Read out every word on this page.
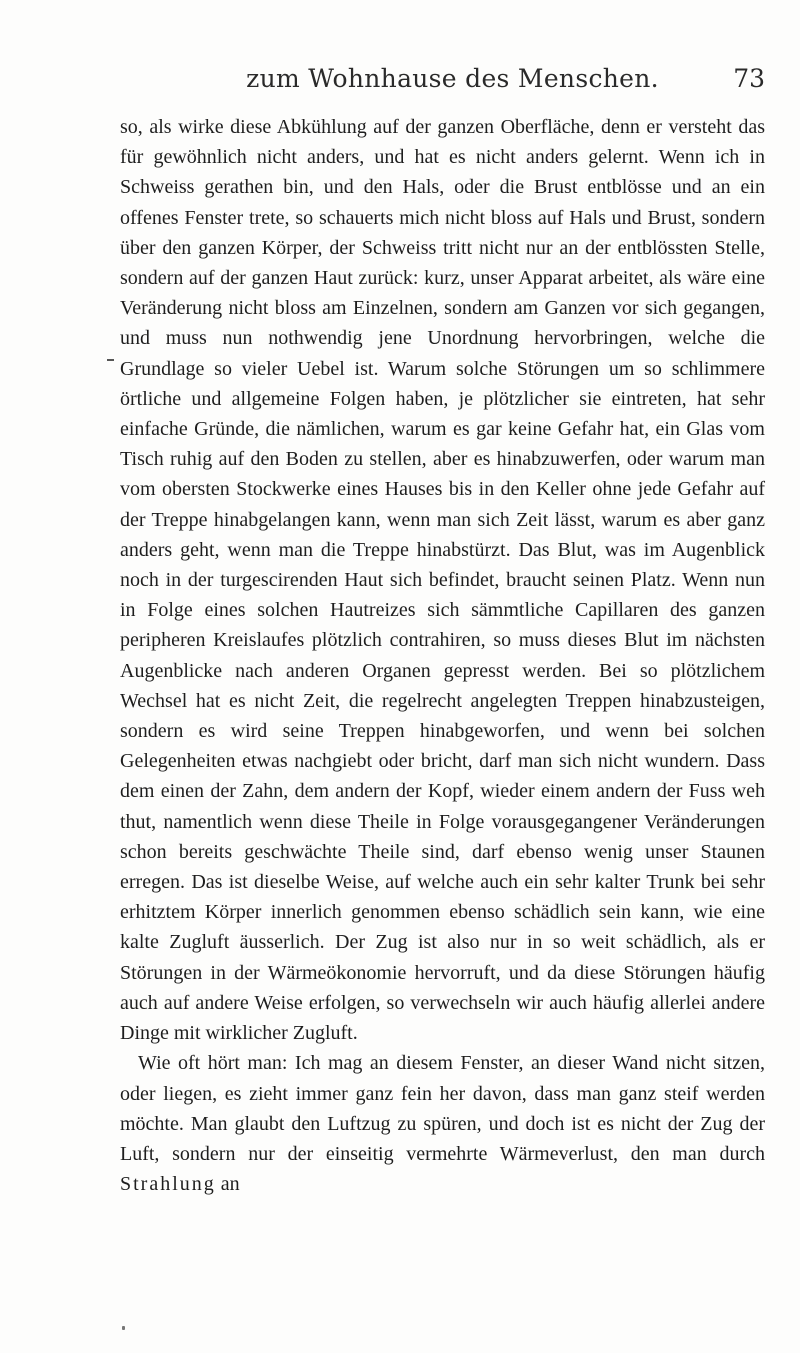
zum Wohnhause des Menschen.	73

so, als wirke diese Abkühlung auf der ganzen Oberfläche, denn er versteht das für gewöhnlich nicht anders, und hat es nicht anders gelernt. Wenn ich in Schweiss gerathen bin, und den Hals, oder die Brust entblösse und an ein offenes Fenster trete, so schauerts mich nicht bloss auf Hals und Brust, sondern über den ganzen Körper, der Schweiss tritt nicht nur an der entblössten Stelle, sondern auf der ganzen Haut zurück: kurz, unser Apparat arbeitet, als wäre eine Veränderung nicht bloss am Einzelnen, sondern am Ganzen vor sich gegangen, und muss nun nothwendig jene Unordnung hervorbringen, welche die Grundlage so vieler Uebel ist. Warum solche Störungen um so schlimmere örtliche und allgemeine Folgen haben, je plötzlicher sie eintreten, hat sehr einfache Gründe, die nämlichen, warum es gar keine Gefahr hat, ein Glas vom Tisch ruhig auf den Boden zu stellen, aber es hinabzuwerfen, oder warum man vom obersten Stockwerke eines Hauses bis in den Keller ohne jede Gefahr auf der Treppe hinabgelangen kann, wenn man sich Zeit lässt, warum es aber ganz anders geht, wenn man die Treppe hinabstürzt. Das Blut, was im Augenblick noch in der turgescirenden Haut sich befindet, braucht seinen Platz. Wenn nun in Folge eines solchen Hautreizes sich sämmtliche Capillaren des ganzen peripheren Kreislaufes plötzlich contrahiren, so muss dieses Blut im nächsten Augenblicke nach anderen Organen gepresst werden. Bei so plötzlichem Wechsel hat es nicht Zeit, die regelrecht angelegten Treppen hinabzusteigen, sondern es wird seine Treppen hinabgeworfen, und wenn bei solchen Gelegenheiten etwas nachgiebt oder bricht, darf man sich nicht wundern. Dass dem einen der Zahn, dem andern der Kopf, wieder einem andern der Fuss weh thut, namentlich wenn diese Theile in Folge vorausgegangener Veränderungen schon bereits geschwächte Theile sind, darf ebenso wenig unser Staunen erregen. Das ist dieselbe Weise, auf welche auch ein sehr kalter Trunk bei sehr erhitztem Körper innerlich genommen ebenso schädlich sein kann, wie eine kalte Zugluft äusserlich. Der Zug ist also nur in so weit schädlich, als er Störungen in der Wärmeökonomie hervorruft, und da diese Störungen häufig auch auf andere Weise erfolgen, so verwechseln wir auch häufig allerlei andere Dinge mit wirklicher Zugluft.

Wie oft hört man: Ich mag an diesem Fenster, an dieser Wand nicht sitzen, oder liegen, es zieht immer ganz fein her davon, dass man ganz steif werden möchte. Man glaubt den Luftzug zu spüren, und doch ist es nicht der Zug der Luft, sondern nur der einseitig vermehrte Wärmeverlust, den man durch Strahlung an
